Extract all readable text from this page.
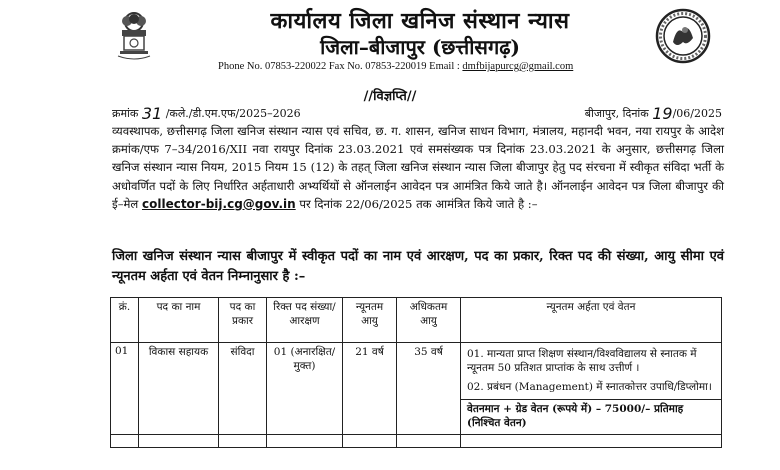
कार्यालय जिला खनिज संस्थान न्यास
जिला–बीजापुर (छत्तीसगढ़)
Phone No. 07853-220022 Fax No. 07853-220019 Email : dmfbijapurcg@gmail.com
//विज्ञप्ति//
क्रमांक 31 /कले./डी.एम.एफ/2025–2026	बीजापुर, दिनांक 19/06/2025
व्यवस्थापक, छत्तीसगढ़ जिला खनिज संस्थान न्यास एवं सचिव, छ. ग. शासन, खनिज साधन विभाग, मंत्रालय, महानदी भवन, नया रायपुर के आदेश क्रमांक/एफ 7–34/2016/XII नवा रायपुर दिनांक 23.03.2021 एवं समसंख्यक पत्र दिनांक 23.03.2021 के अनुसार, छत्तीसगढ़ जिला खनिज संस्थान न्यास नियम, 2015 नियम 15 (12) के तहत् जिला खनिज संस्थान न्यास जिला बीजापुर हेतु पद संरचना में स्वीकृत संविदा भर्ती के अधोवर्णित पदों के लिए निर्धारित अर्हताधारी अभ्यर्थियों से ऑनलाईन आवेदन पत्र आमंत्रित किये जाते है। ऑनलाईन आवेदन पत्र जिला बीजापुर की ई–मेल collector-bij.cg@gov.in पर दिनांक 22/06/2025 तक आमंत्रित किये जाते है :–
जिला खनिज संस्थान न्यास बीजापुर में स्वीकृत पदों का नाम एवं आरक्षण, पद का प्रकार, रिक्त पद की संख्या, आयु सीमा एवं न्यूनतम अर्हता एवं वेतन निम्नानुसार है :–
क्रं.	पद का नाम	पद का प्रकार	रिक्त पद संख्या/आरक्षण	न्यूनतम आयु	अधिकतम आयु	न्यूनतम अर्हता एवं वेतन
01	विकास सहायक	संविदा	01 (अनारक्षित/मुक्त)	21 वर्ष	35 वर्ष	01. मान्यता प्राप्त शिक्षण संस्थान/विश्वविद्यालय से स्नातक में न्यूनतम 50 प्रतिशत प्राप्तांक के साथ उत्तीर्ण ।

02. प्रबंधन (Management) में स्नातकोत्तर उपाधि/डिप्लोमा।

वेतनमान + ग्रेड वेतन (रूपये में) – 75000/– प्रतिमाह (निश्चित वेतन)
